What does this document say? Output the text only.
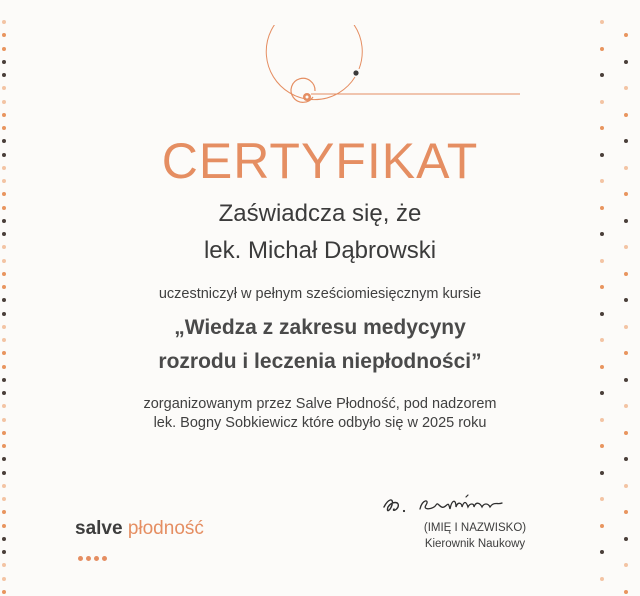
CERTYFIKAT
Zaświadcza się, że
lek. Michał Dąbrowski
uczestniczył w pełnym sześciomiesięcznym kursie
„Wiedza z zakresu medycyny
rozrodu i leczenia niepłodności”
zorganizowanym przez Salve Płodność, pod nadzorem
lek. Bogny Sobkiewicz które odbyło się w 2025 roku
salve płodność	(IMIĘ I NAZWISKO)
Kierownik Naukowy
